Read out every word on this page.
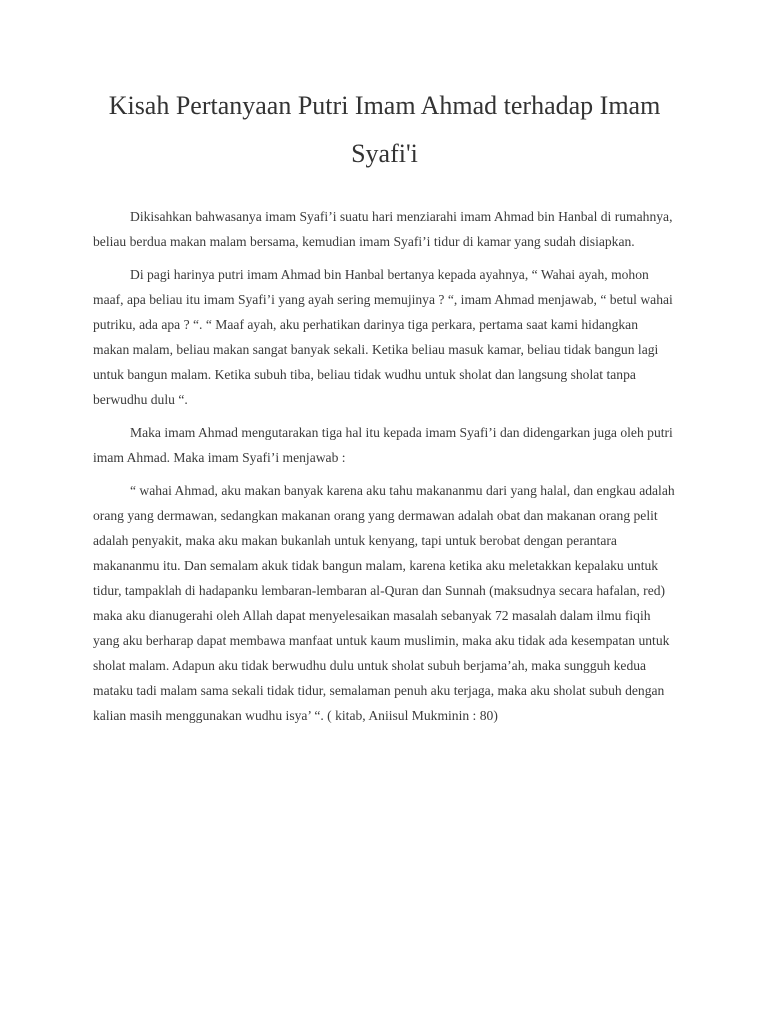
Kisah Pertanyaan Putri Imam Ahmad terhadap Imam Syafi'i

Dikisahkan bahwasanya imam Syafi’i suatu hari menziarahi imam Ahmad bin Hanbal di rumahnya, beliau berdua makan malam bersama, kemudian imam Syafi’i tidur di kamar yang sudah disiapkan.

Di pagi harinya putri imam Ahmad bin Hanbal bertanya kepada ayahnya, “ Wahai ayah, mohon maaf, apa beliau itu imam Syafi’i yang ayah sering memujinya ? “, imam Ahmad menjawab, “ betul wahai putriku, ada apa ? “. “ Maaf ayah, aku perhatikan darinya tiga perkara, pertama saat kami hidangkan makan malam, beliau makan sangat banyak sekali. Ketika beliau masuk kamar, beliau tidak bangun lagi untuk bangun malam. Ketika subuh tiba, beliau tidak wudhu untuk sholat dan langsung sholat tanpa berwudhu dulu “.

Maka imam Ahmad mengutarakan tiga hal itu kepada imam Syafi’i dan didengarkan juga oleh putri imam Ahmad. Maka imam Syafi’i menjawab :

“ wahai Ahmad, aku makan banyak karena aku tahu makananmu dari yang halal, dan engkau adalah orang yang dermawan, sedangkan makanan orang yang dermawan adalah obat dan makanan orang pelit adalah penyakit, maka aku makan bukanlah untuk kenyang, tapi untuk berobat dengan perantara makananmu itu. Dan semalam akuk tidak bangun malam, karena ketika aku meletakkan kepalaku untuk tidur, tampaklah di hadapanku lembaran-lembaran al-Quran dan Sunnah (maksudnya secara hafalan, red) maka aku dianugerahi oleh Allah dapat menyelesaikan masalah sebanyak 72 masalah dalam ilmu fiqih yang aku berharap dapat membawa manfaat untuk kaum muslimin, maka aku tidak ada kesempatan untuk sholat malam. Adapun aku tidak berwudhu dulu untuk sholat subuh berjama’ah, maka sungguh kedua mataku tadi malam sama sekali tidak tidur, semalaman penuh aku terjaga, maka aku sholat subuh dengan kalian masih menggunakan wudhu isya’ “. ( kitab, Aniisul Mukminin : 80)
